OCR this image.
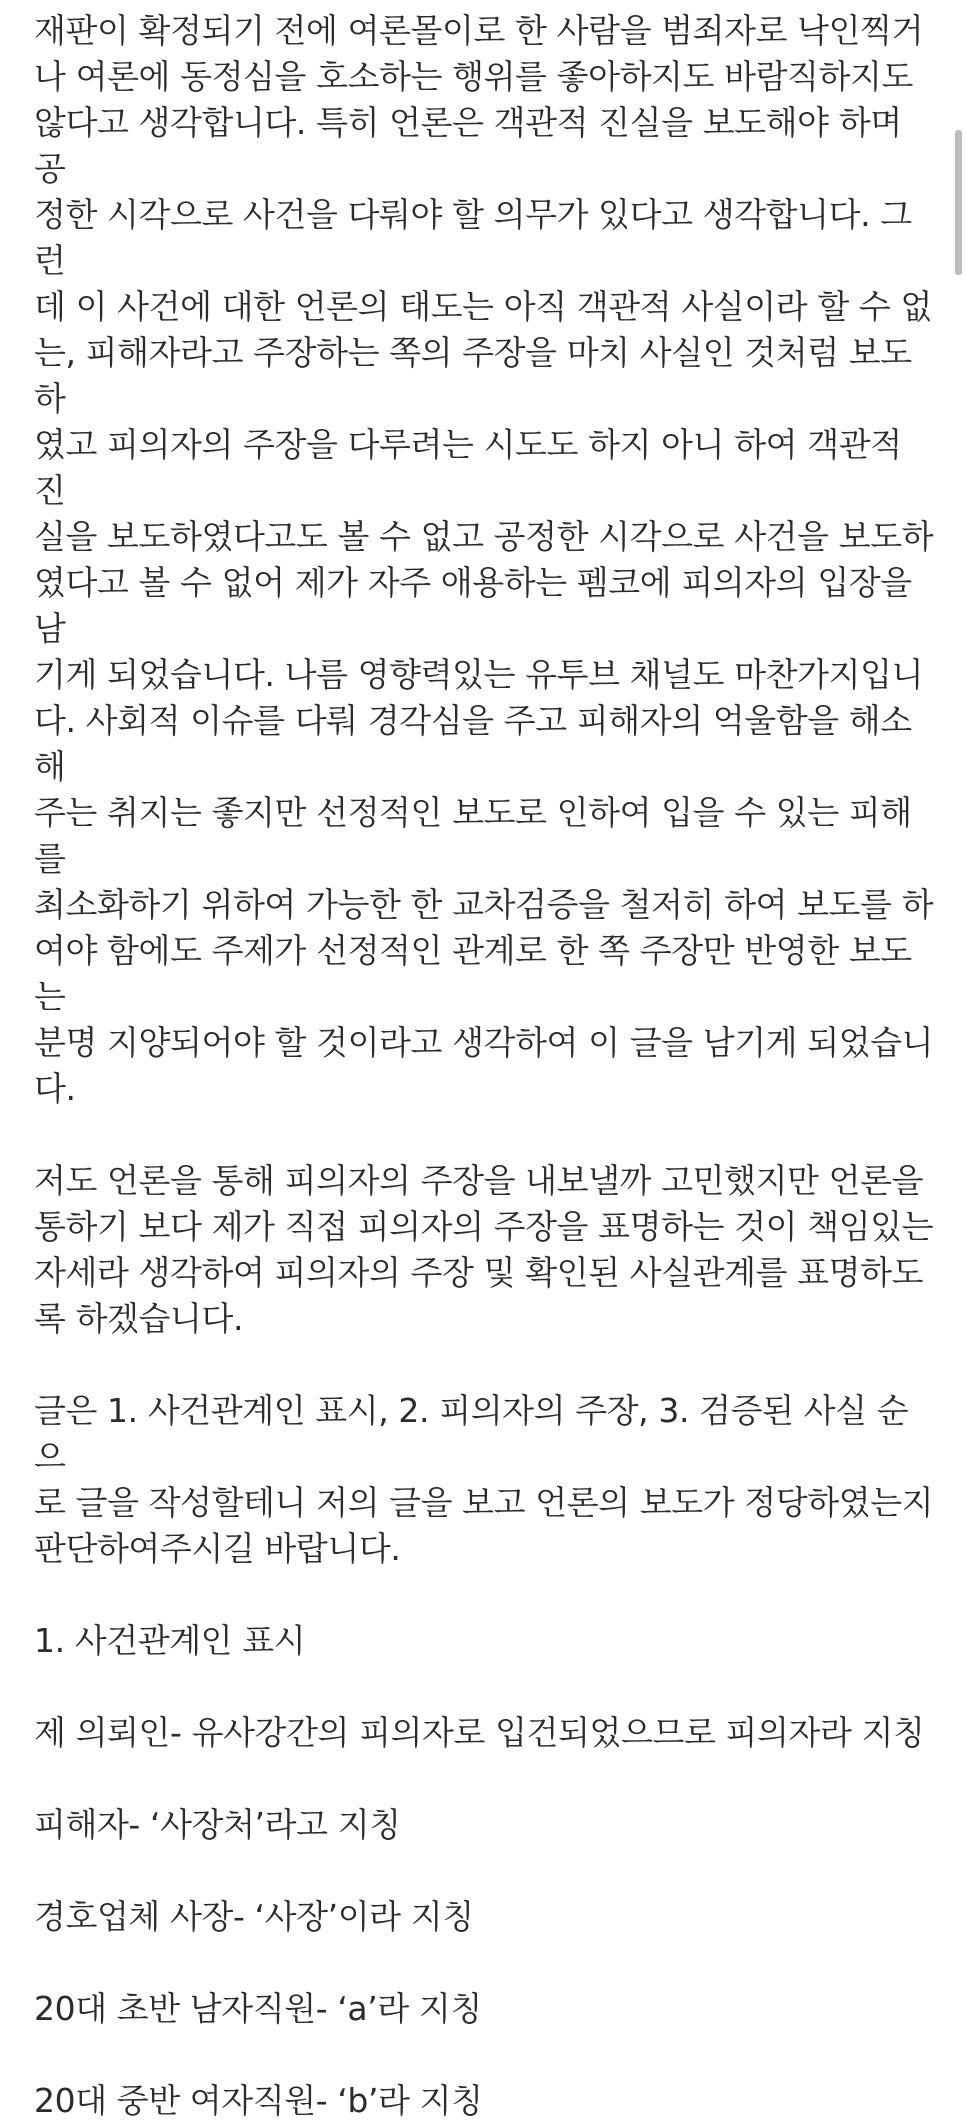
재판이 확정되기 전에 여론몰이로 한 사람을 범죄자로 낙인찍거
나 여론에 동정심을 호소하는 행위를 좋아하지도 바람직하지도
않다고 생각합니다. 특히 언론은 객관적 진실을 보도해야 하며 공
정한 시각으로 사건을 다뤄야 할 의무가 있다고 생각합니다. 그런
데 이 사건에 대한 언론의 태도는 아직 객관적 사실이라 할 수 없
는, 피해자라고 주장하는 쪽의 주장을 마치 사실인 것처럼 보도하
였고 피의자의 주장을 다루려는 시도도 하지 아니 하여 객관적 진
실을 보도하였다고도 볼 수 없고 공정한 시각으로 사건을 보도하
였다고 볼 수 없어 제가 자주 애용하는 펨코에 피의자의 입장을 남
기게 되었습니다. 나름 영향력있는 유투브 채널도 마찬가지입니
다. 사회적 이슈를 다뤄 경각심을 주고 피해자의 억울함을 해소해
주는 취지는 좋지만 선정적인 보도로 인하여 입을 수 있는 피해를
최소화하기 위하여 가능한 한 교차검증을 철저히 하여 보도를 하
여야 함에도 주제가 선정적인 관계로 한 쪽 주장만 반영한 보도는
분명 지양되어야 할 것이라고 생각하여 이 글을 남기게 되었습니
다.
저도 언론을 통해 피의자의 주장을 내보낼까 고민했지만 언론을
통하기 보다 제가 직접 피의자의 주장을 표명하는 것이 책임있는
자세라 생각하여 피의자의 주장 및 확인된 사실관계를 표명하도
록 하겠습니다.
글은 1. 사건관계인 표시, 2. 피의자의 주장, 3. 검증된 사실 순으
로 글을 작성할테니 저의 글을 보고 언론의 보도가 정당하였는지
판단하여주시길 바랍니다.
1. 사건관계인 표시
제 의뢰인- 유사강간의 피의자로 입건되었으므로 피의자라 지칭
피해자- ‘사장처’라고 지칭
경호업체 사장- ‘사장’이라 지칭
20대 초반 남자직원- ‘a’라 지칭
20대 중반 여자직원- ‘b’라 지칭
